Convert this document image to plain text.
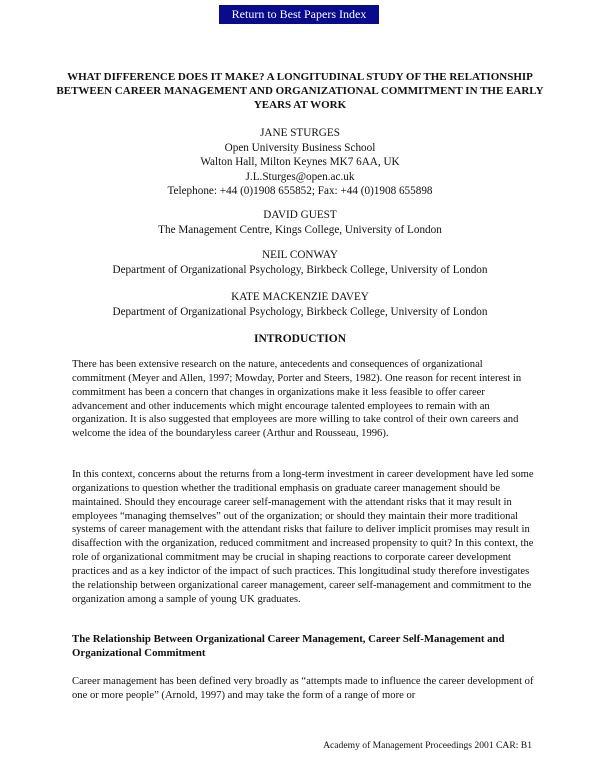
Return to Best Papers Index
WHAT DIFFERENCE DOES IT MAKE? A LONGITUDINAL STUDY OF THE RELATIONSHIP BETWEEN CAREER MANAGEMENT AND ORGANIZATIONAL COMMITMENT IN THE EARLY YEARS AT WORK
JANE STURGES
Open University Business School
Walton Hall, Milton Keynes MK7 6AA, UK
J.L.Sturges@open.ac.uk
Telephone: +44 (0)1908 655852; Fax: +44 (0)1908 655898
DAVID GUEST
The Management Centre, Kings College, University of London
NEIL CONWAY
Department of Organizational Psychology, Birkbeck College, University of London
KATE MACKENZIE DAVEY
Department of Organizational Psychology, Birkbeck College, University of London
INTRODUCTION

There has been extensive research on the nature, antecedents and consequences of organizational commitment (Meyer and Allen, 1997; Mowday, Porter and Steers, 1982). One reason for recent interest in commitment has been a concern that changes in organizations make it less feasible to offer career advancement and other inducements which might encourage talented employees to remain with an organization. It is also suggested that employees are more willing to take control of their own careers and welcome the idea of the boundaryless career (Arthur and Rousseau, 1996).

In this context, concerns about the returns from a long-term investment in career development have led some organizations to question whether the traditional emphasis on graduate career management should be maintained. Should they encourage career self-management with the attendant risks that it may result in employees “managing themselves” out of the organization; or should they maintain their more traditional systems of career management with the attendant risks that failure to deliver implicit promises may result in disaffection with the organization, reduced commitment and increased propensity to quit? In this context, the role of organizational commitment may be crucial in shaping reactions to corporate career development practices and as a key indictor of the impact of such practices. This longitudinal study therefore investigates the relationship between organizational career management, career self-management and commitment to the organization among a sample of young UK graduates.

The Relationship Between Organizational Career Management, Career Self-Management and Organizational Commitment

Career management has been defined very broadly as “attempts made to influence the career development of one or more people” (Arnold, 1997) and may take the form of a range of more or

Academy of Management Proceedings 2001 CAR: B1
